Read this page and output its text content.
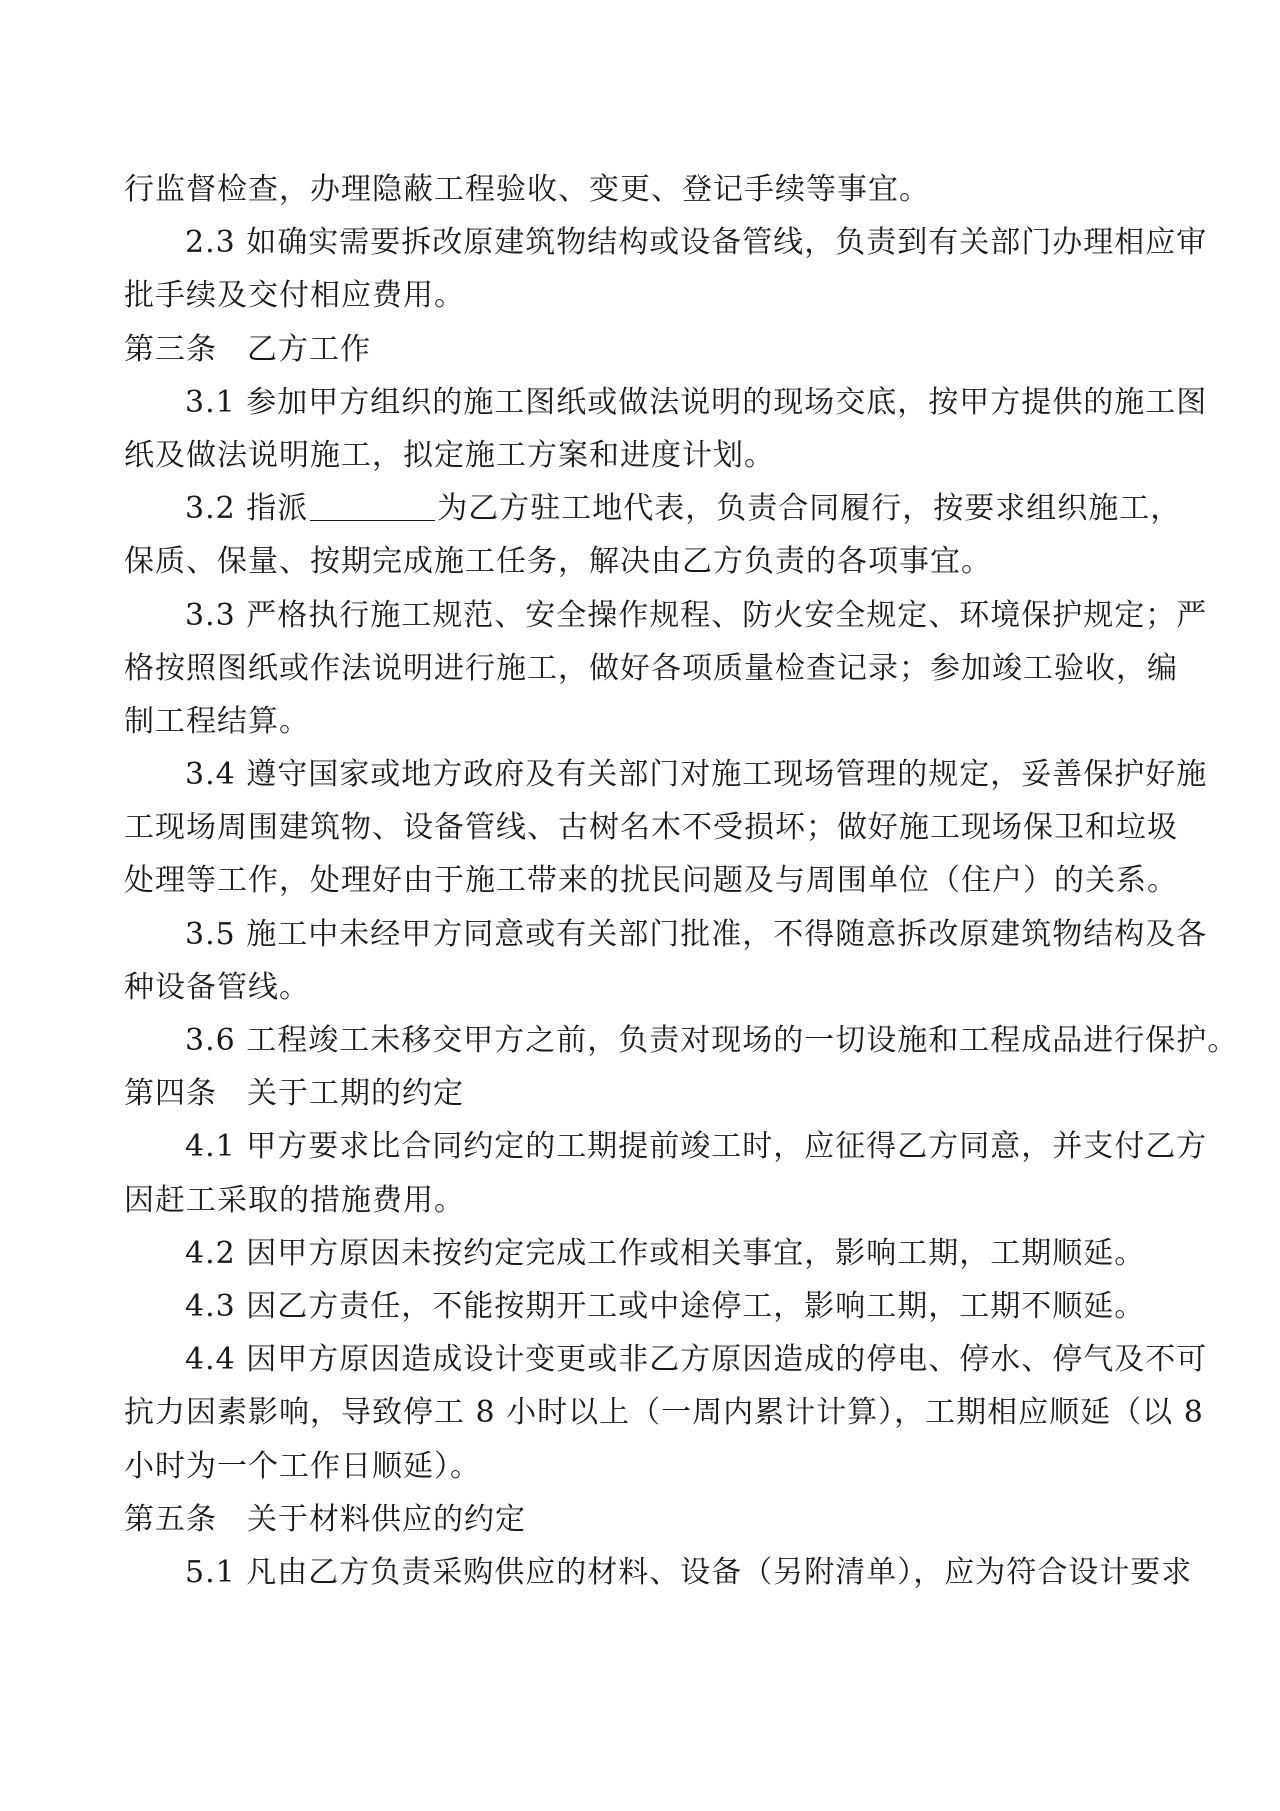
行监督检查，办理隐蔽工程验收、变更、登记手续等事宜。
2.3 如确实需要拆改原建筑物结构或设备管线，负责到有关部门办理相应审
批手续及交付相应费用。
第三条 乙方工作
3.1 参加甲方组织的施工图纸或做法说明的现场交底，按甲方提供的施工图
纸及做法说明施工，拟定施工方案和进度计划。
3.2 指派	为乙方驻工地代表，负责合同履行，按要求组织施工，
保质、保量、按期完成施工任务，解决由乙方负责的各项事宜。
3.3 严格执行施工规范、安全操作规程、防火安全规定、环境保护规定；严
格按照图纸或作法说明进行施工，做好各项质量检查记录；参加竣工验收，编
制工程结算。
3.4 遵守国家或地方政府及有关部门对施工现场管理的规定，妥善保护好施
工现场周围建筑物、设备管线、古树名木不受损坏；做好施工现场保卫和垃圾
处理等工作，处理好由于施工带来的扰民问题及与周围单位（住户）的关系。
3.5 施工中未经甲方同意或有关部门批准，不得随意拆改原建筑物结构及各
种设备管线。
3.6 工程竣工未移交甲方之前，负责对现场的一切设施和工程成品进行保护。
第四条 关于工期的约定
4.1 甲方要求比合同约定的工期提前竣工时，应征得乙方同意，并支付乙方
因赶工采取的措施费用。
4.2 因甲方原因未按约定完成工作或相关事宜，影响工期，工期顺延。
4.3 因乙方责任，不能按期开工或中途停工，影响工期，工期不顺延。
4.4 因甲方原因造成设计变更或非乙方原因造成的停电、停水、停气及不可
抗力因素影响，导致停工 8 小时以上（一周内累计计算），工期相应顺延（以 8
小时为一个工作日顺延）。
第五条 关于材料供应的约定
5.1 凡由乙方负责采购供应的材料、设备（另附清单），应为符合设计要求
